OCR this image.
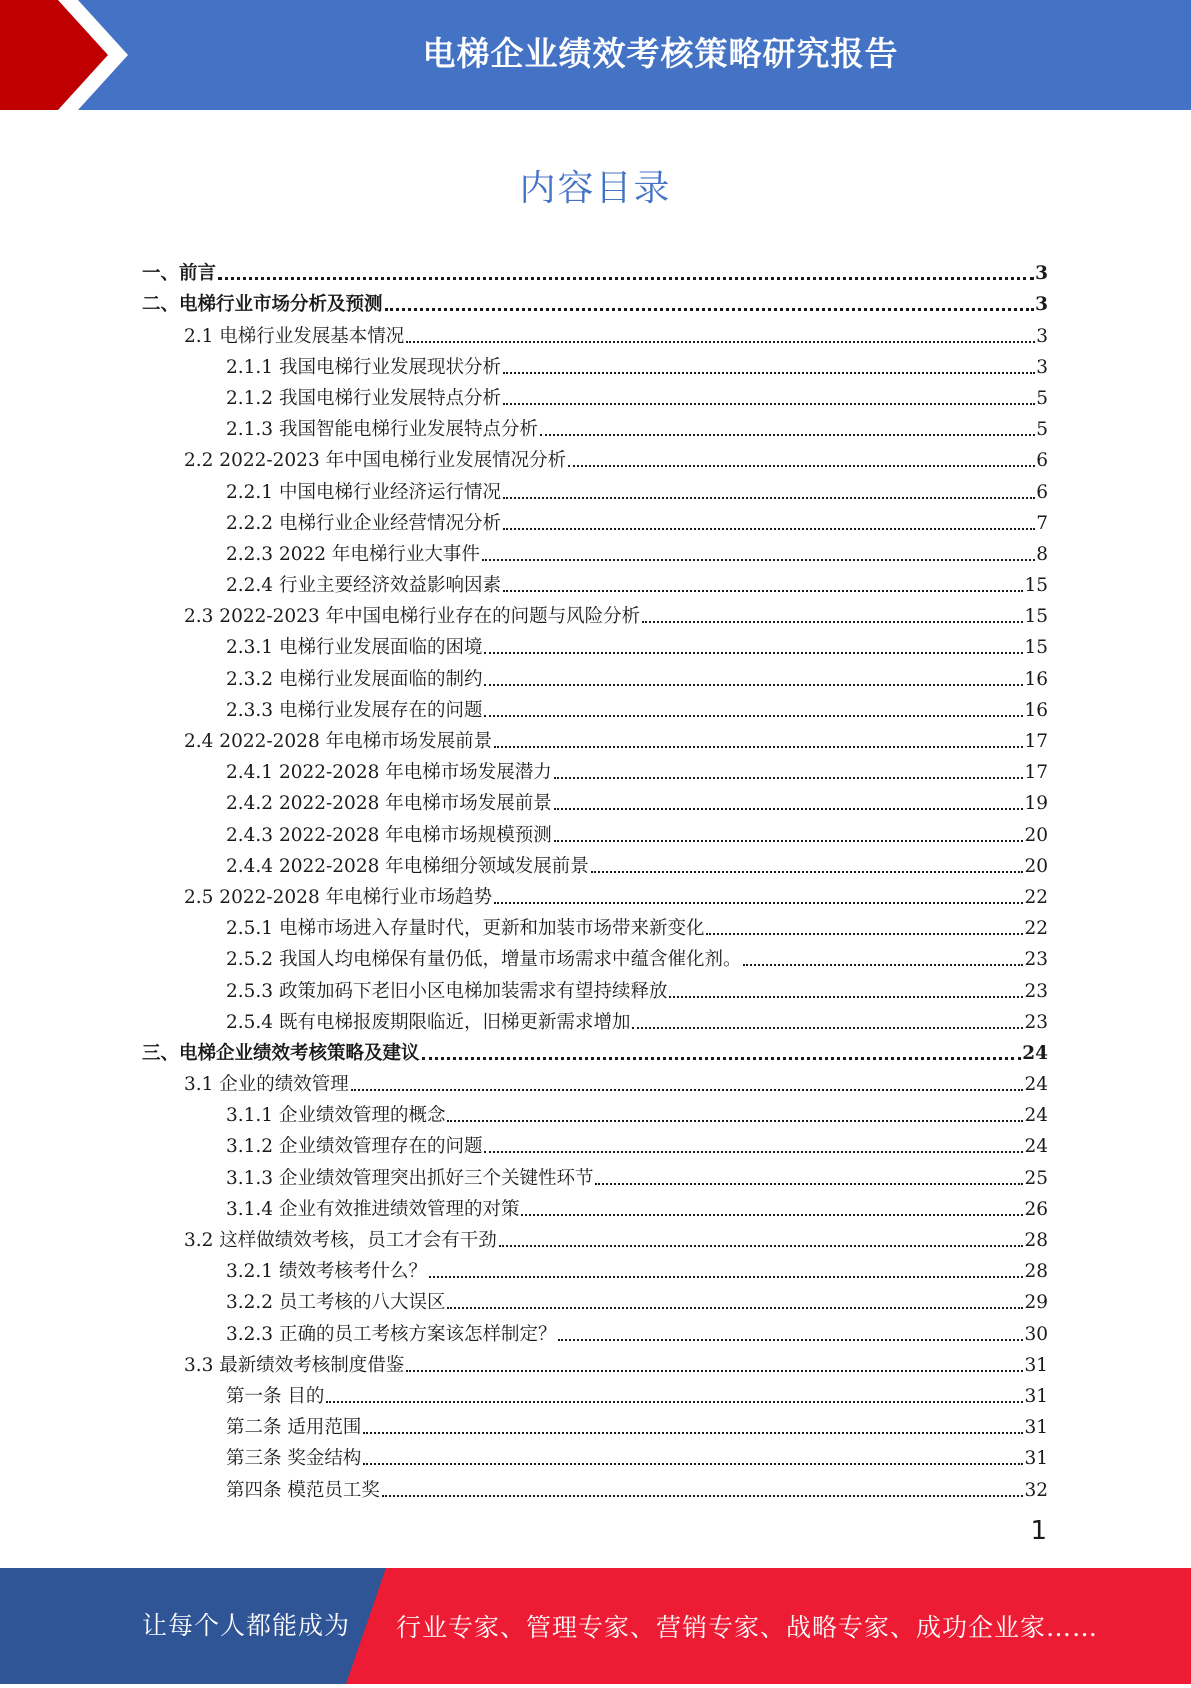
电梯企业绩效考核策略研究报告
内容目录
一、前言	3
二、电梯行业市场分析及预测	3
2.1 电梯行业发展基本情况	3
2.1.1 我国电梯行业发展现状分析	3
2.1.2 我国电梯行业发展特点分析	5
2.1.3 我国智能电梯行业发展特点分析	5
2.2 2022-2023 年中国电梯行业发展情况分析	6
2.2.1 中国电梯行业经济运行情况	6
2.2.2 电梯行业企业经营情况分析	7
2.2.3 2022 年电梯行业大事件	8
2.2.4 行业主要经济效益影响因素	15
2.3 2022-2023 年中国电梯行业存在的问题与风险分析	15
2.3.1 电梯行业发展面临的困境	15
2.3.2 电梯行业发展面临的制约	16
2.3.3 电梯行业发展存在的问题	16
2.4 2022-2028 年电梯市场发展前景	17
2.4.1 2022-2028 年电梯市场发展潜力	17
2.4.2 2022-2028 年电梯市场发展前景	19
2.4.3 2022-2028 年电梯市场规模预测	20
2.4.4 2022-2028 年电梯细分领域发展前景	20
2.5 2022-2028 年电梯行业市场趋势	22
2.5.1 电梯市场进入存量时代，更新和加装市场带来新变化	22
2.5.2 我国人均电梯保有量仍低，增量市场需求中蕴含催化剂。	23
2.5.3 政策加码下老旧小区电梯加装需求有望持续释放	23
2.5.4 既有电梯报废期限临近，旧梯更新需求增加	23
三、电梯企业绩效考核策略及建议	24
3.1 企业的绩效管理	24
3.1.1 企业绩效管理的概念	24
3.1.2 企业绩效管理存在的问题	24
3.1.3 企业绩效管理突出抓好三个关键性环节	25
3.1.4 企业有效推进绩效管理的对策	26
3.2 这样做绩效考核，员工才会有干劲	28
3.2.1 绩效考核考什么？	28
3.2.2 员工考核的八大误区	29
3.2.3 正确的员工考核方案该怎样制定？	30
3.3 最新绩效考核制度借鉴	31
第一条 目的	31
第二条 适用范围	31
第三条 奖金结构	31
第四条 模范员工奖	32
1
让每个人都能成为 行业专家、管理专家、营销专家、战略专家、成功企业家……
